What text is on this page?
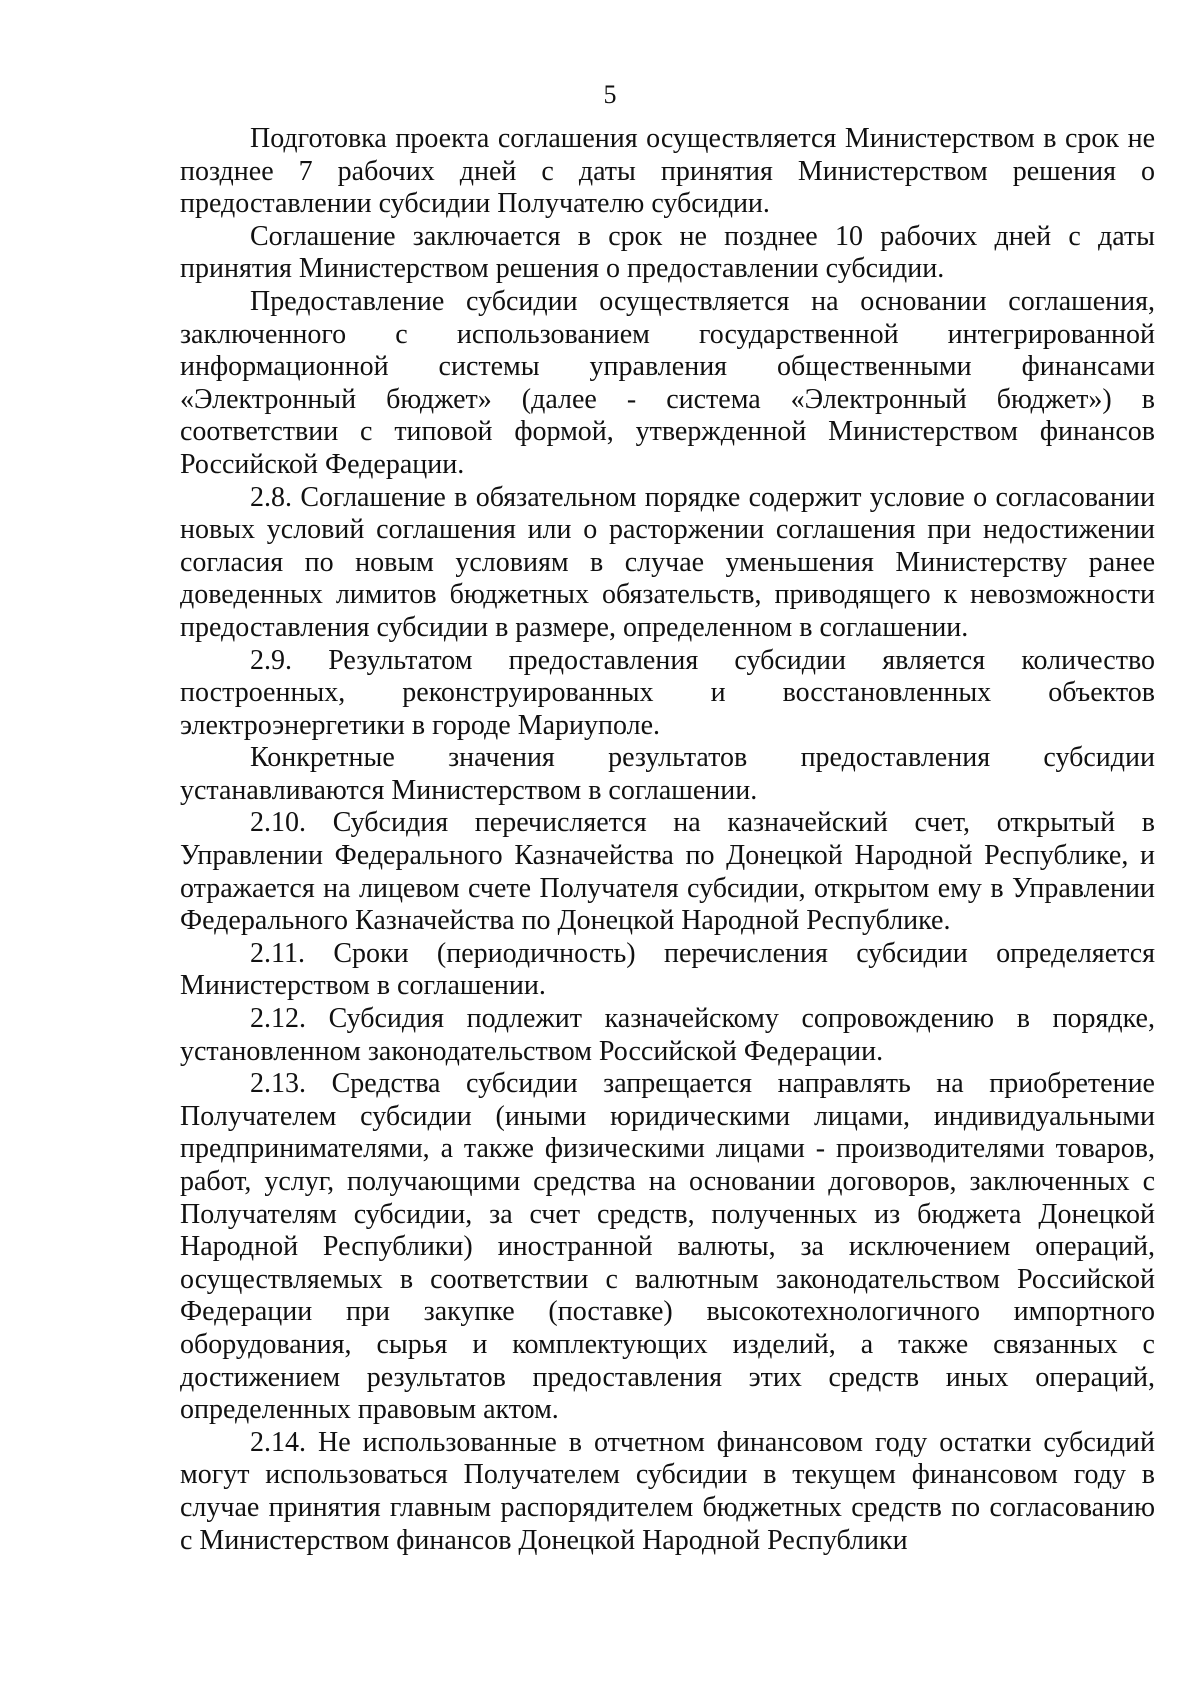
5

Подготовка проекта соглашения осуществляется Министерством в срок не позднее 7 рабочих дней с даты принятия Министерством решения о предоставлении субсидии Получателю субсидии.

Соглашение заключается в срок не позднее 10 рабочих дней с даты принятия Министерством решения о предоставлении субсидии.

Предоставление субсидии осуществляется на основании соглашения, заключенного с использованием государственной интегрированной информационной системы управления общественными финансами «Электронный бюджет» (далее - система «Электронный бюджет») в соответствии с типовой формой, утвержденной Министерством финансов Российской Федерации.

2.8. Соглашение в обязательном порядке содержит условие о согласовании новых условий соглашения или о расторжении соглашения при недостижении согласия по новым условиям в случае уменьшения Министерству ранее доведенных лимитов бюджетных обязательств, приводящего к невозможности предоставления субсидии в размере, определенном в соглашении.

2.9. Результатом предоставления субсидии является количество построенных, реконструированных и восстановленных объектов электроэнергетики в городе Мариуполе.

Конкретные значения результатов предоставления субсидии устанавливаются Министерством в соглашении.

2.10. Субсидия перечисляется на казначейский счет, открытый в Управлении Федерального Казначейства по Донецкой Народной Республике, и отражается на лицевом счете Получателя субсидии, открытом ему в Управлении Федерального Казначейства по Донецкой Народной Республике.

2.11. Сроки (периодичность) перечисления субсидии определяется Министерством в соглашении.

2.12. Субсидия подлежит казначейскому сопровождению в порядке, установленном законодательством Российской Федерации.

2.13. Средства субсидии запрещается направлять на приобретение Получателем субсидии (иными юридическими лицами, индивидуальными предпринимателями, а также физическими лицами - производителями товаров, работ, услуг, получающими средства на основании договоров, заключенных с Получателям субсидии, за счет средств, полученных из бюджета Донецкой Народной Республики) иностранной валюты, за исключением операций, осуществляемых в соответствии с валютным законодательством Российской Федерации при закупке (поставке) высокотехнологичного импортного оборудования, сырья и комплектующих изделий, а также связанных с достижением результатов предоставления этих средств иных операций, определенных правовым актом.

2.14. Не использованные в отчетном финансовом году остатки субсидий могут использоваться Получателем субсидии в текущем финансовом году в случае принятия главным распорядителем бюджетных средств по согласованию с Министерством финансов Донецкой Народной Республики
